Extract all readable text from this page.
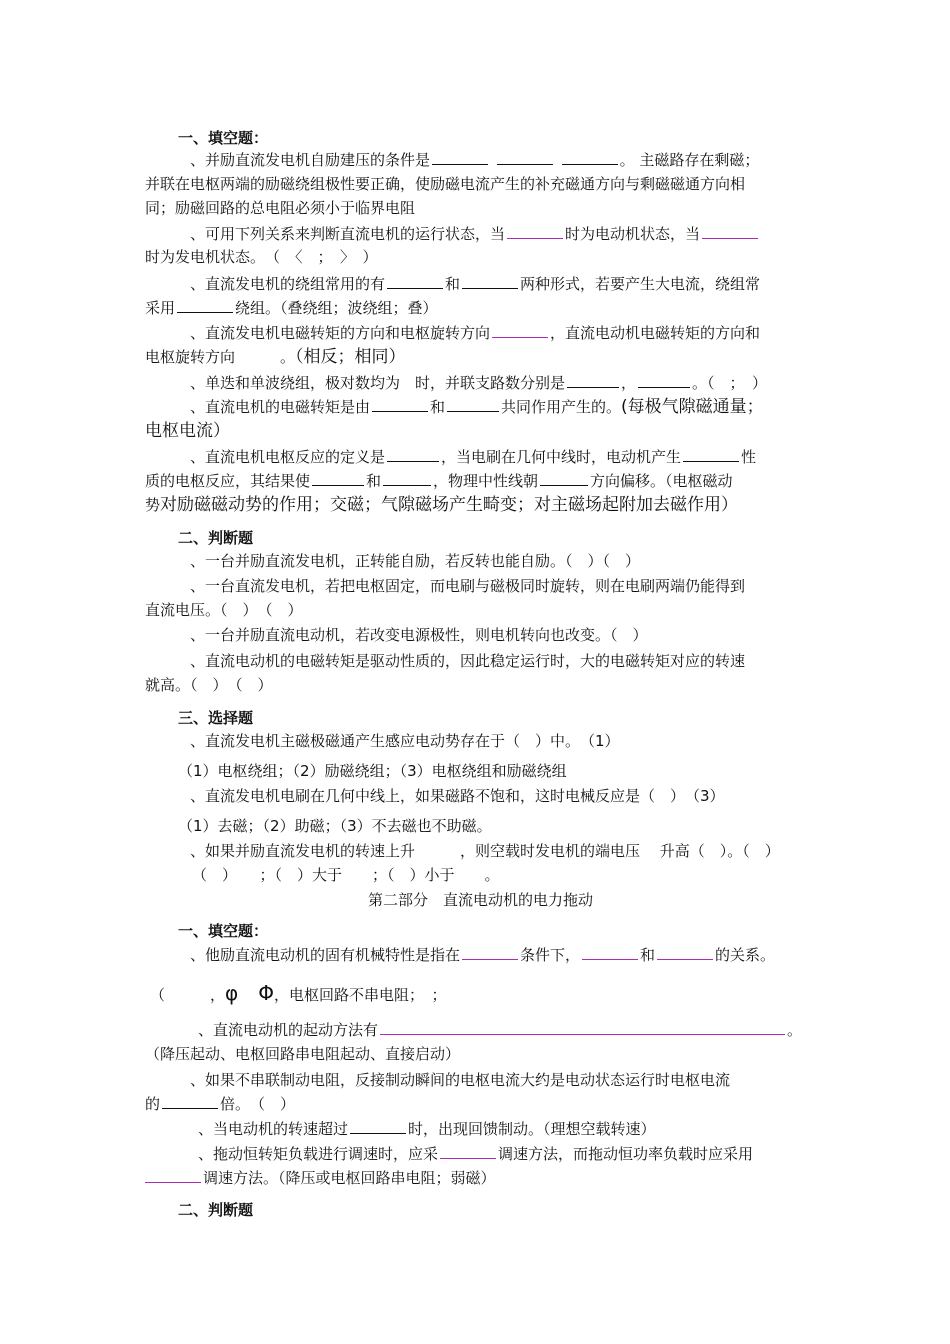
一、填空题：
、并励直流发电机自励建压的条件是	。 主磁路存在剩磁；
并联在电枢两端的励磁绕组极性要正确，使励磁电流产生的补充磁通方向与剩磁磁通方向相
同；励磁回路的总电阻必须小于临界电阻
、可用下列关系来判断直流电机的运行状态，当	时为电动机状态，当
时为发电机状态。　（　〈　；　〉　）
、直流发电机的绕组常用的有	和	两种形式，若要产生大电流，绕组常
采用	绕组。（叠绕组；波绕组；叠）
、直流发电机电磁转矩的方向和电枢旋转方向	，直流电动机电磁转矩的方向和
电枢旋转方向　　　。（相反；相同）
、单迭和单波绕组，极对数均为　时，并联支路数分别是	，	。（　；　）
、直流电机的电磁转矩是由	和	共同作用产生的。(每极气隙磁通量；
电枢电流）
、直流电机电枢反应的定义是	，当电刷在几何中线时，电动机产生	性
质的电枢反应，其结果使	和	，物理中性线朝	方向偏移。（电枢磁动
势对励磁磁动势的作用；交磁；气隙磁场产生畸变；对主磁场起附加去磁作用）
二、判断题
、一台并励直流发电机，正转能自励，若反转也能自励。（　）（　）
、一台直流发电机，若把电枢固定，而电刷与磁极同时旋转，则在电刷两端仍能得到
直流电压。（　）　（　）
、一台并励直流电动机，若改变电源极性，则电机转向也改变。（　）
、直流电动机的电磁转矩是驱动性质的，因此稳定运行时，大的电磁转矩对应的转速
就高。（　）　（　）
三、选择题
、直流发电机主磁极磁通产生感应电动势存在于（　）中。　（1）
（1）电枢绕组；（2）励磁绕组；（3）电枢绕组和励磁绕组
、直流发电机电刷在几何中线上，如果磁路不饱和，这时电械反应是（　）　（3）
（1）去磁；（2）助磁；（3）不去磁也不助磁。
、如果并励直流发电机的转速上升　　　，则空载时发电机的端电压　 升高（　）。（　）
（　）　　；（　）大于　　；（　）小于　　。
第二部分　直流电动机的电力拖动
一、填空题：
、他励直流电动机的固有机械特性是指在	条件下，	和	的关系。
（　　　，φ　Φ，电枢回路不串电阻；　；
、直流电动机的起动方法有	。
（降压起动、电枢回路串电阻起动、直接启动）
、如果不串联制动电阻，反接制动瞬间的电枢电流大约是电动状态运行时电枢电流
的	倍。　（　）
、当电动机的转速超过	时，出现回馈制动。（理想空载转速）
、拖动恒转矩负载进行调速时，应采	调速方法，而拖动恒功率负载时应采用
调速方法。（降压或电枢回路串电阻；弱磁）
二、判断题
